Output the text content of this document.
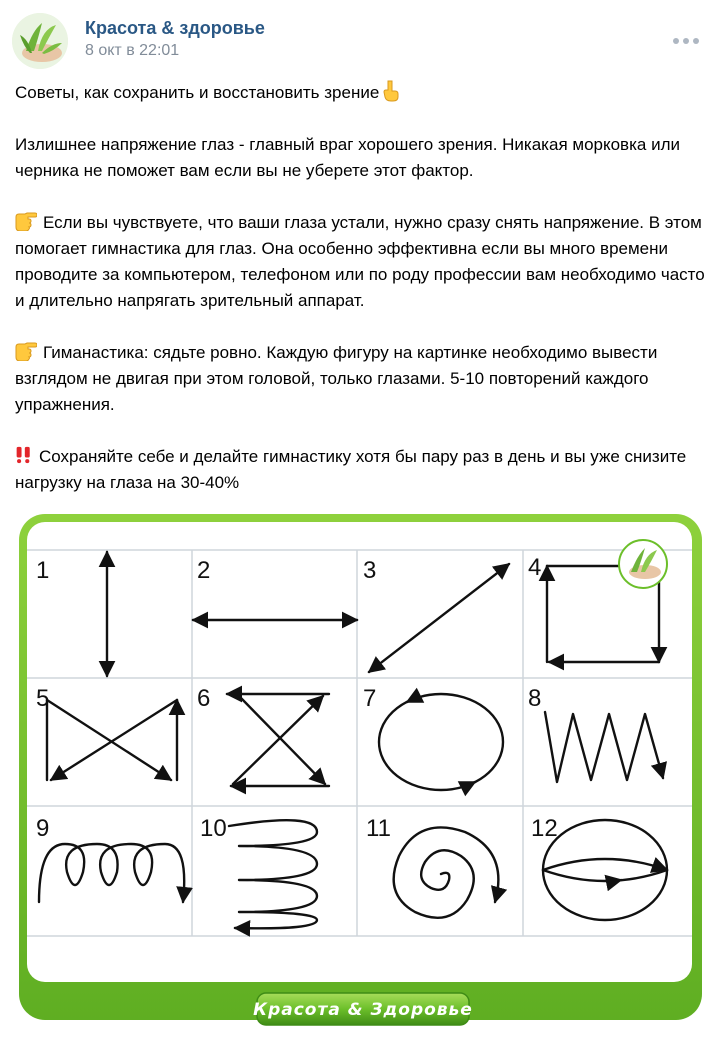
Красота & здоровье
8 окт в 22:01

Советы, как сохранить и восстановить зрение

Излишнее напряжение глаз - главный враг хорошего зрения. Никакая морковка или черника не поможет вам если вы не уберете этот фактор.

Если вы чувствуете, что ваши глаза устали, нужно сразу снять напряжение. В этом помогает гимнастика для глаз. Она особенно эффективна если вы много времени проводите за компьютером, телефоном или по роду профессии вам необходимо часто и длительно напрягать зрительный аппарат.

Гиманастика: сядьте ровно. Каждую фигуру на картинке необходимо вывести взглядом не двигая при этом головой, только глазами. 5-10 повторений каждого упражнения.

Сохраняйте себе и делайте гимнастику хотя бы пару раз в день и вы уже снизите нагрузку на глаза на 30-40%

1	2	3	4
5	6	7	8
9	10	11	12
Красота & Здоровье
